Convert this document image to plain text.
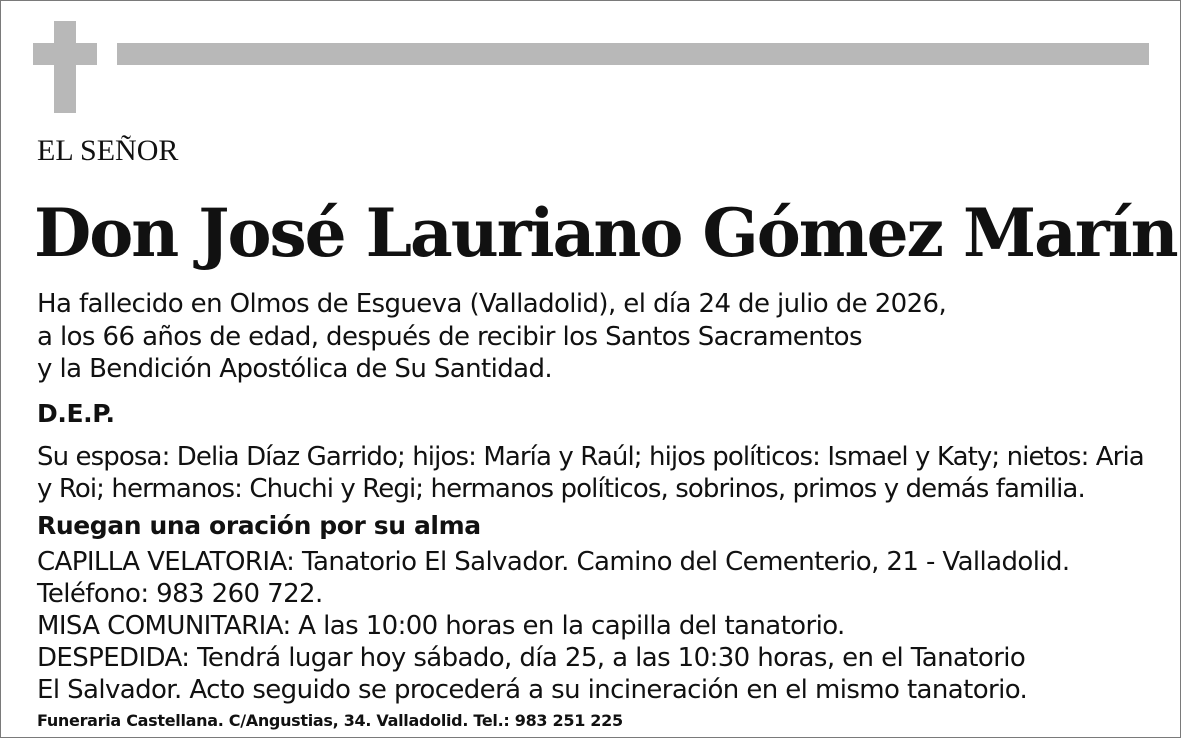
EL SEÑOR

Don José Lauriano Gómez Marín

Ha fallecido en Olmos de Esgueva (Valladolid), el día 24 de julio de 2026,

a los 66 años de edad, después de recibir los Santos Sacramentos

y la Bendición Apostólica de Su Santidad.

D.E.P.

Su esposa: Delia Díaz Garrido; hijos: María y Raúl; hijos políticos: Ismael y Katy; nietos: Aria

y Roi; hermanos: Chuchi y Regi; hermanos políticos, sobrinos, primos y demás familia.

Ruegan una oración por su alma

CAPILLA VELATORIA: Tanatorio El Salvador. Camino del Cementerio, 21 - Valladolid.

Teléfono: 983 260 722.

MISA COMUNITARIA: A las 10:00 horas en la capilla del tanatorio.

DESPEDIDA: Tendrá lugar hoy sábado, día 25, a las 10:30 horas, en el Tanatorio

El Salvador. Acto seguido se procederá a su incineración en el mismo tanatorio.

Funeraria Castellana. C/Angustias, 34. Valladolid. Tel.: 983 251 225
